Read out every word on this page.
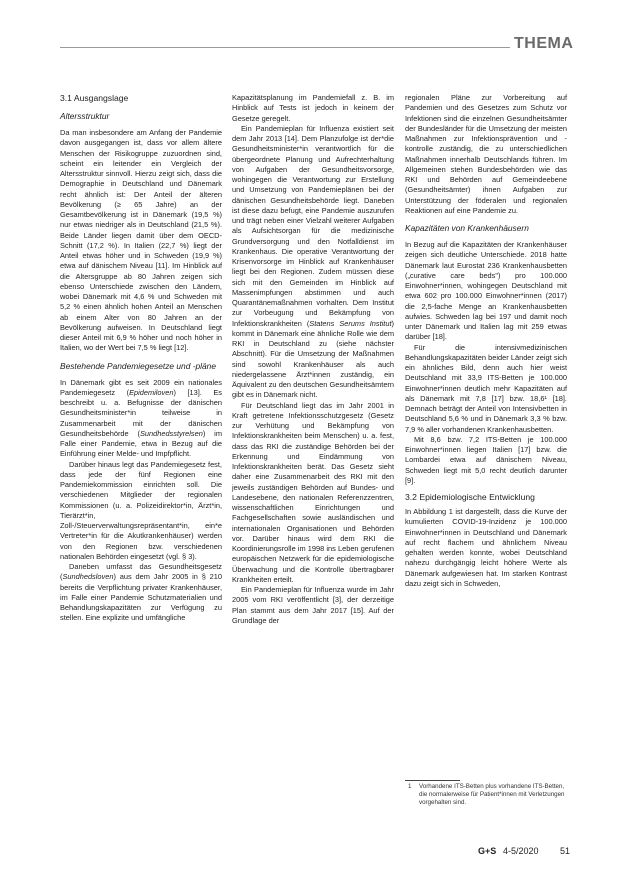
THEMA
3.1 Ausgangslage
Altersstruktur

Da man insbesondere am Anfang der Pandemie davon ausgegangen ist, dass vor allem ältere Menschen der Risikogruppe zuzuordnen sind, scheint ein leitender ein Vergleich der Altersstruktur sinnvoll. Hierzu zeigt sich, dass die Demographie in Deutschland und Dänemark recht ähnlich ist: Der Anteil der älteren Bevölkerung (≥ 65 Jahre) an der Gesamtbevölkerung ist in Dänemark (19,5 %) nur etwas niedriger als in Deutschland (21,5 %). Beide Länder liegen damit über dem OECD-Schnitt (17,2 %). In Italien (22,7 %) liegt der Anteil etwas höher und in Schweden (19,9 %) etwa auf dänischem Niveau [11]. Im Hinblick auf die Altersgruppe ab 80 Jahren zeigen sich ebenso Unterschiede zwischen den Ländern, wobei Dänemark mit 4,6 % und Schweden mit 5,2 % einen ähnlich hohen Anteil an Menschen ab einem Alter von 80 Jahren an der Bevölkerung aufweisen. In Deutschland liegt dieser Anteil mit 6,9 % höher und noch höher in Italien, wo der Wert bei 7,5 % liegt [12].

Bestehende Pandemiegesetze und -pläne

In Dänemark gibt es seit 2009 ein nationales Pandemiegesetz (Epidemiloven) [13]. Es beschreibt u. a. Befugnisse der dänischen Gesundheitsminister*in teilweise in Zusammenarbeit mit der dänischen Gesundheitsbehörde (Sundhedsstyrelsen) im Falle einer Pandemie, etwa in Bezug auf die Einführung einer Melde- und Impfpflicht.

Darüber hinaus legt das Pandemiegesetz fest, dass jede der fünf Regionen eine Pandemiekommission einrichten soll. Die verschiedenen Mitglieder der regionalen Kommissionen (u. a. Polizeidirektor*in, Ärzt*in, Tierärzt*in, Zoll-/Steuerverwaltungsrepräsentant*in, ein*e Vertreter*in für die Akutkrankenhäuser) werden von den Regionen bzw. verschiedenen nationalen Behörden eingesetzt (vgl. § 3).

Daneben umfasst das Gesundheitsgesetz (Sundhedsloven) aus dem Jahr 2005 in § 210 bereits die Verpflichtung privater Krankenhäuser, im Falle einer Pandemie Schutzmaterialien und Behandlungskapazitäten zur Verfügung zu stellen. Eine explizite und umfängliche

Kapazitätsplanung im Pandemiefall z. B. im Hinblick auf Tests ist jedoch in keinem der Gesetze geregelt.

Ein Pandemieplan für Influenza existiert seit dem Jahr 2013 [14]. Dem Planzufolge ist der*die Gesundheitsminister*in verantwortlich für die übergeordnete Planung und Aufrechterhaltung von Aufgaben der Gesundheitsvorsorge, wohingegen die Verantwortung zur Erstellung und Umsetzung von Pandemieplänen bei der dänischen Gesundheitsbehörde liegt. Daneben ist diese dazu befugt, eine Pandemie auszurufen und trägt neben einer Vielzahl weiterer Aufgaben als Aufsichtsorgan für die medizinische Grundversorgung und den Notfalldienst im Krankenhaus. Die operative Verantwortung der Krisenvorsorge im Hinblick auf Krankenhäuser liegt bei den Regionen. Zudem müssen diese sich mit den Gemeinden im Hinblick auf Massenimpfungen abstimmen und auch Quarantänemaßnahmen vorhalten. Dem Institut zur Vorbeugung und Bekämpfung von Infektionskrankheiten (Statens Serums Institut) kommt in Dänemark eine ähnliche Rolle wie dem RKI in Deutschland zu (siehe nächster Abschnitt). Für die Umsetzung der Maßnahmen sind sowohl Krankenhäuser als auch niedergelassene Ärzt*innen zuständig, ein Äquivalent zu den deutschen Gesundheitsämtern gibt es in Dänemark nicht.

Für Deutschland liegt das im Jahr 2001 in Kraft getretene Infektionsschutzgesetz (Gesetz zur Verhütung und Bekämpfung von Infektionskrankheiten beim Menschen) u. a. fest, dass das RKI die zuständige Behörden bei der Erkennung und Eindämmung von Infektionskrankheiten berät. Das Gesetz sieht daher eine Zusammenarbeit des RKI mit den jeweils zuständigen Behörden auf Bundes- und Landesebene, den nationalen Referenzzentren, wissenschaftlichen Einrichtungen und Fachgesellschaften sowie ausländischen und internationalen Organisationen und Behörden vor. Darüber hinaus wird dem RKI die Koordinierungsrolle im 1998 ins Leben gerufenen europäischen Netzwerk für die epidemiologische Überwachung und die Kontrolle übertragbarer Krankheiten erteilt.

Ein Pandemieplan für Influenza wurde im Jahr 2005 vom RKI veröffentlicht [3], der derzeitige Plan stammt aus dem Jahr 2017 [15]. Auf der Grundlage der

regionalen Pläne zur Vorbereitung auf Pandemien und des Gesetzes zum Schutz vor Infektionen sind die einzelnen Gesundheitsämter der Bundesländer für die Umsetzung der meisten Maßnahmen zur Infektionsprävention und -kontrolle zuständig, die zu unterschiedlichen Maßnahmen innerhalb Deutschlands führen. Im Allgemeinen stehen Bundesbehörden wie das RKI und Behörden auf Gemeindeebene (Gesundheitsämter) ihnen Aufgaben zur Unterstützung der föderalen und regionalen Reaktionen auf eine Pandemie zu.

Kapazitäten von Krankenhäusern

In Bezug auf die Kapazitäten der Krankenhäuser zeigen sich deutliche Unterschiede. 2018 hatte Dänemark laut Eurostat 236 Krankenhausbetten („curative care beds") pro 100.000 Einwohner*innen, wohingegen Deutschland mit etwa 602 pro 100.000 Einwohner*innen (2017) die 2,5-fache Menge an Krankenhausbetten aufwies. Schweden lag bei 197 und damit noch unter Dänemark und Italien lag mit 259 etwas darüber [18].

Für die intensivmedizinischen Behandlungskapazitäten beider Länder zeigt sich ein ähnliches Bild, denn auch hier weist Deutschland mit 33,9 ITS-Betten je 100.000 Einwohner*innen deutlich mehr Kapazitäten auf als Dänemark mit 7,8 [17] bzw. 18,6¹ [18]. Demnach beträgt der Anteil von Intensivbetten in Deutschland 5,6 % und in Dänemark 3,3 % bzw. 7,9 % aller vorhandenen Krankenhausbetten.

Mit 8,6 bzw. 7,2 ITS-Betten je 100.000 Einwohner*innen liegen Italien [17] bzw. die Lombardei etwa auf dänischem Niveau, Schweden liegt mit 5,0 recht deutlich darunter [9].

3.2 Epidemiologische Entwicklung

In Abbildung 1 ist dargestellt, dass die Kurve der kumulierten COVID-19-Inzidenz je 100.000 Einwohner*innen in Deutschland und Dänemark auf recht flachem und ähnlichem Niveau gehalten werden konnte, wobei Deutschland nahezu durchgängig leicht höhere Werte als Dänemark aufgewiesen hat. Im starken Kontrast dazu zeigt sich in Schweden,

1 Vorhandene ITS-Betten plus vorhandene ITS-Betten, die normalerweise für Patient*innen mit Verletzungen vorgehalten sind.
G+S 4-5/2020 51
